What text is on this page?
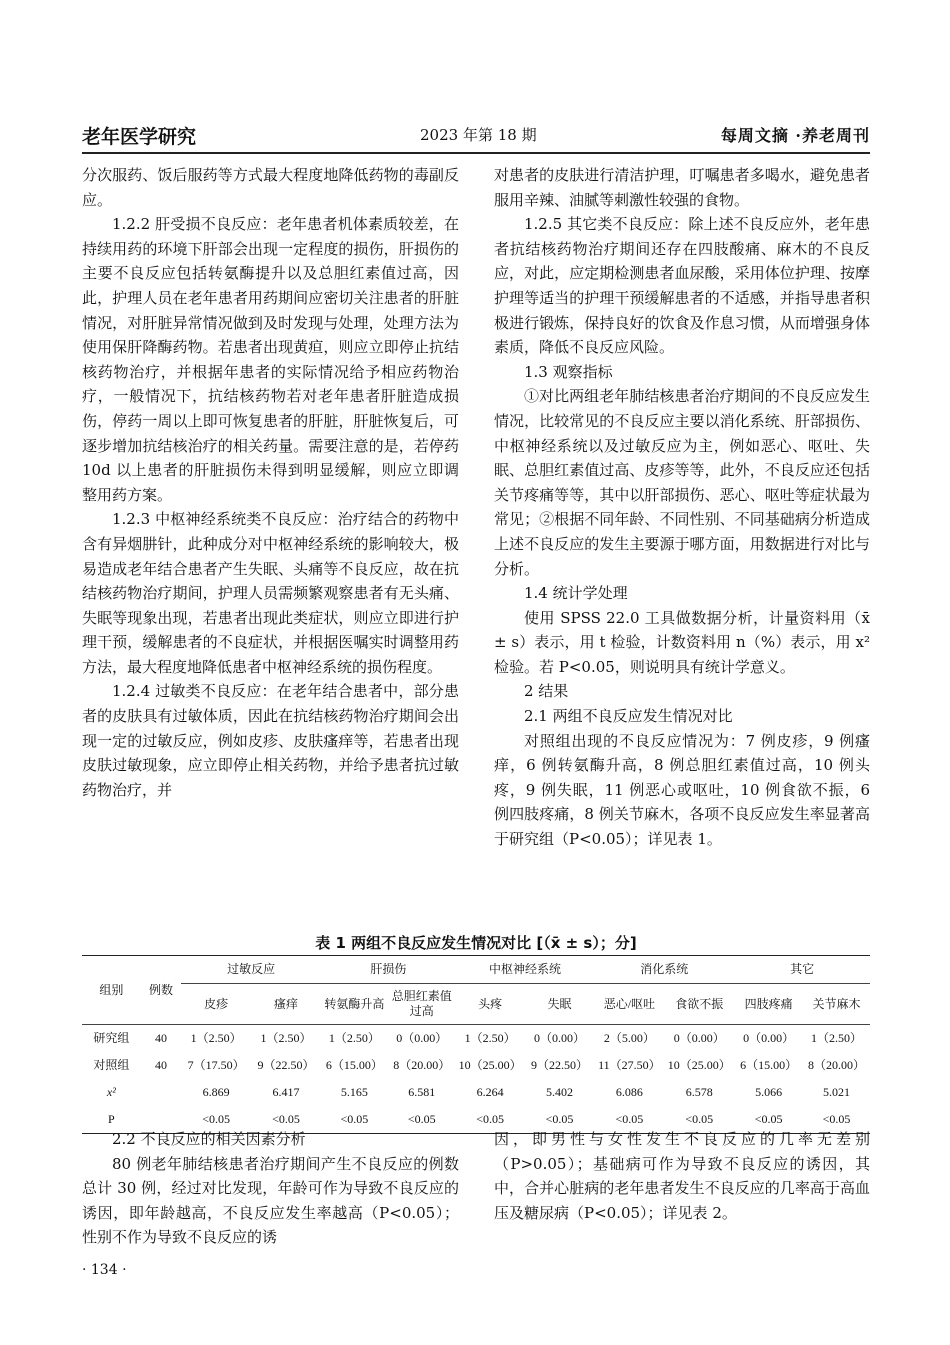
老年医学研究	2023 年第 18 期	每周文摘 ·养老周刊

分次服药、饭后服药等方式最大程度地降低药物的毒副反应。

1.2.2 肝受损不良反应：老年患者机体素质较差，在持续用药的环境下肝部会出现一定程度的损伤，肝损伤的主要不良反应包括转氨酶提升以及总胆红素值过高，因此，护理人员在老年患者用药期间应密切关注患者的肝脏情况，对肝脏异常情况做到及时发现与处理，处理方法为使用保肝降酶药物。若患者出现黄疸，则应立即停止抗结核药物治疗，并根据年患者的实际情况给予相应药物治疗，一般情况下，抗结核药物若对老年患者肝脏造成损伤，停药一周以上即可恢复患者的肝脏，肝脏恢复后，可逐步增加抗结核治疗的相关药量。需要注意的是，若停药 10d 以上患者的肝脏损伤未得到明显缓解，则应立即调整用药方案。

1.2.3 中枢神经系统类不良反应：治疗结合的药物中含有异烟肼针，此种成分对中枢神经系统的影响较大，极易造成老年结合患者产生失眠、头痛等不良反应，故在抗结核药物治疗期间，护理人员需频繁观察患者有无头痛、失眠等现象出现，若患者出现此类症状，则应立即进行护理干预，缓解患者的不良症状，并根据医嘱实时调整用药方法，最大程度地降低患者中枢神经系统的损伤程度。

1.2.4 过敏类不良反应：在老年结合患者中，部分患者的皮肤具有过敏体质，因此在抗结核药物治疗期间会出现一定的过敏反应，例如皮疹、皮肤瘙痒等，若患者出现皮肤过敏现象，应立即停止相关药物，并给予患者抗过敏药物治疗，并

对患者的皮肤进行清洁护理，叮嘱患者多喝水，避免患者服用辛辣、油腻等刺激性较强的食物。

1.2.5 其它类不良反应：除上述不良反应外，老年患者抗结核药物治疗期间还存在四肢酸痛、麻木的不良反应，对此，应定期检测患者血尿酸，采用体位护理、按摩护理等适当的护理干预缓解患者的不适感，并指导患者积极进行锻炼，保持良好的饮食及作息习惯，从而增强身体素质，降低不良反应风险。

1.3 观察指标

①对比两组老年肺结核患者治疗期间的不良反应发生情况，比较常见的不良反应主要以消化系统、肝部损伤、中枢神经系统以及过敏反应为主，例如恶心、呕吐、失眠、总胆红素值过高、皮疹等等，此外，不良反应还包括关节疼痛等等，其中以肝部损伤、恶心、呕吐等症状最为常见；②根据不同年龄、不同性别、不同基础病分析造成上述不良反应的发生主要源于哪方面，用数据进行对比与分析。

1.4 统计学处理

使用 SPSS 22.0 工具做数据分析，计量资料用（x̄ ± s）表示，用 t 检验，计数资料用 n（%）表示，用 x² 检验。若 P<0.05，则说明具有统计学意义。

2 结果

2.1 两组不良反应发生情况对比

对照组出现的不良反应情况为：7 例皮疹，9 例瘙痒，6 例转氨酶升高，8 例总胆红素值过高，10 例头疼，9 例失眠，11 例恶心或呕吐，10 例食欲不振，6 例四肢疼痛，8 例关节麻木，各项不良反应发生率显著高于研究组（P<0.05）；详见表 1。

表 1 两组不良反应发生情况对比 [（x̄ ± s）；分]
组别	例数	过敏反应		肝损伤		中枢神经系统		消化系统		其它	
		皮疹	瘙痒	转氨酶升高	总胆红素值过高	头疼	失眠	恶心/呕吐	食欲不振	四肢疼痛	关节麻木
研究组	40	1（2.50）	1（2.50）	1（2.50）	0（0.00）	1（2.50）	0（0.00）	2（5.00）	0（0.00）	0（0.00）	1（2.50）
对照组	40	7（17.50）	9（22.50）	6（15.00）	8（20.00）	10（25.00）	9（22.50）	11（27.50）	10（25.00）	6（15.00）	8（20.00）
x²		6.869	6.417	5.165	6.581	6.264	5.402	6.086	6.578	5.066	5.021
P		<0.05	<0.05	<0.05	<0.05	<0.05	<0.05	<0.05	<0.05	<0.05	<0.05

2.2 不良反应的相关因素分析

80 例老年肺结核患者治疗期间产生不良反应的例数总计 30 例，经过对比发现，年龄可作为导致不良反应的诱因，即年龄越高，不良反应发生率越高（P<0.05）；性别不作为导致不良反应的诱

因，即男性与女性发生不良反应的几率无差别（P>0.05）；基础病可作为导致不良反应的诱因，其中，合并心脏病的老年患者发生不良反应的几率高于高血压及糖尿病（P<0.05）；详见表 2。

· 134 ·
